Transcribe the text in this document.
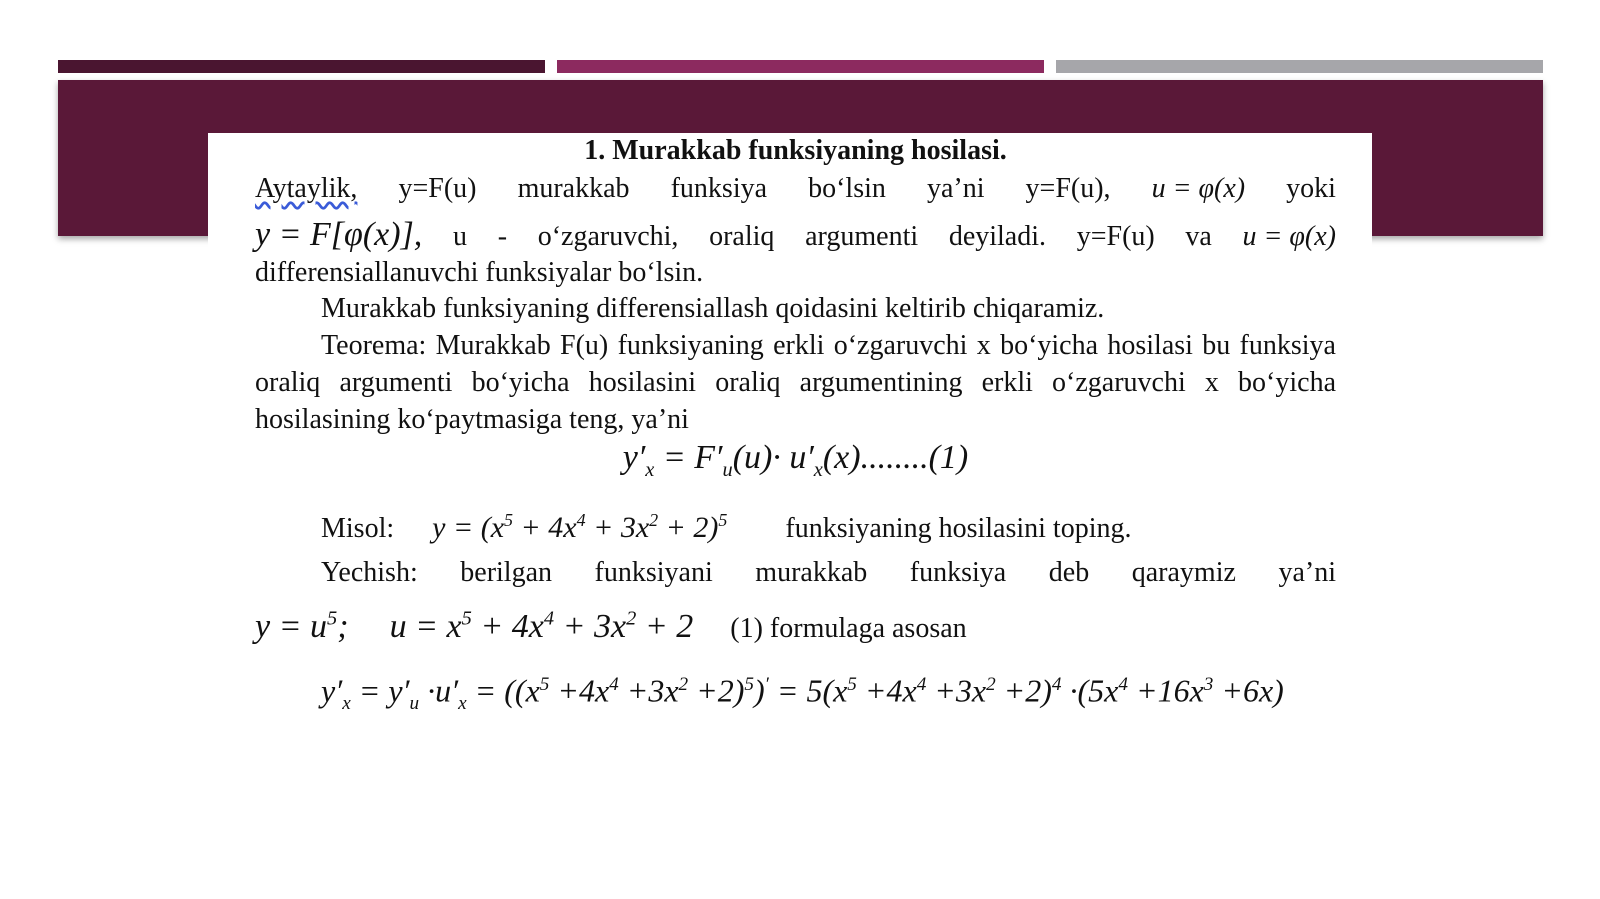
1. Murakkab funksiyaning hosilasi.
Aytaylik, y=F(u) murakkab funksiya bo‘lsin ya’ni y=F(u), u = φ(x) yoki
y = F[φ(x)], u - o‘zgaruvchi, oraliq argumenti deyiladi. y=F(u) va u = φ(x)

differensiallanuvchi funksiyalar bo‘lsin.

Murakkab funksiyaning differensiallash qoidasini keltirib chiqaramiz.

Teorema: Murakkab F(u) funksiyaning erkli o‘zgaruvchi x bo‘yicha hosilasi bu funksiya oraliq argumenti bo‘yicha hosilasini oraliq argumentining erkli o‘zgaruvchi x bo‘yicha hosilasining ko‘paytmasiga teng, ya’ni

$y'_x = F'_u(u)\cdot u'_x(x)........(1)$
Misol: $y = (x^5 + 4x^4 + 3x^2 + 2)^5$ funksiyaning hosilasini toping.
Yechish: berilgan funksiyani murakkab funksiya deb qaraymiz ya’ni
$y = u^5$; $u = x^5 + 4x^4 + 3x^2 + 2$ (1) formulaga asosan
$y'_x = y'_u \cdot u'_x = ((x^5 +4x^4 +3x^2 +2)^5)' = 5(x^5 +4x^4 +3x^2 +2)^4 \cdot(5x^4 +16x^3 +6x)$
